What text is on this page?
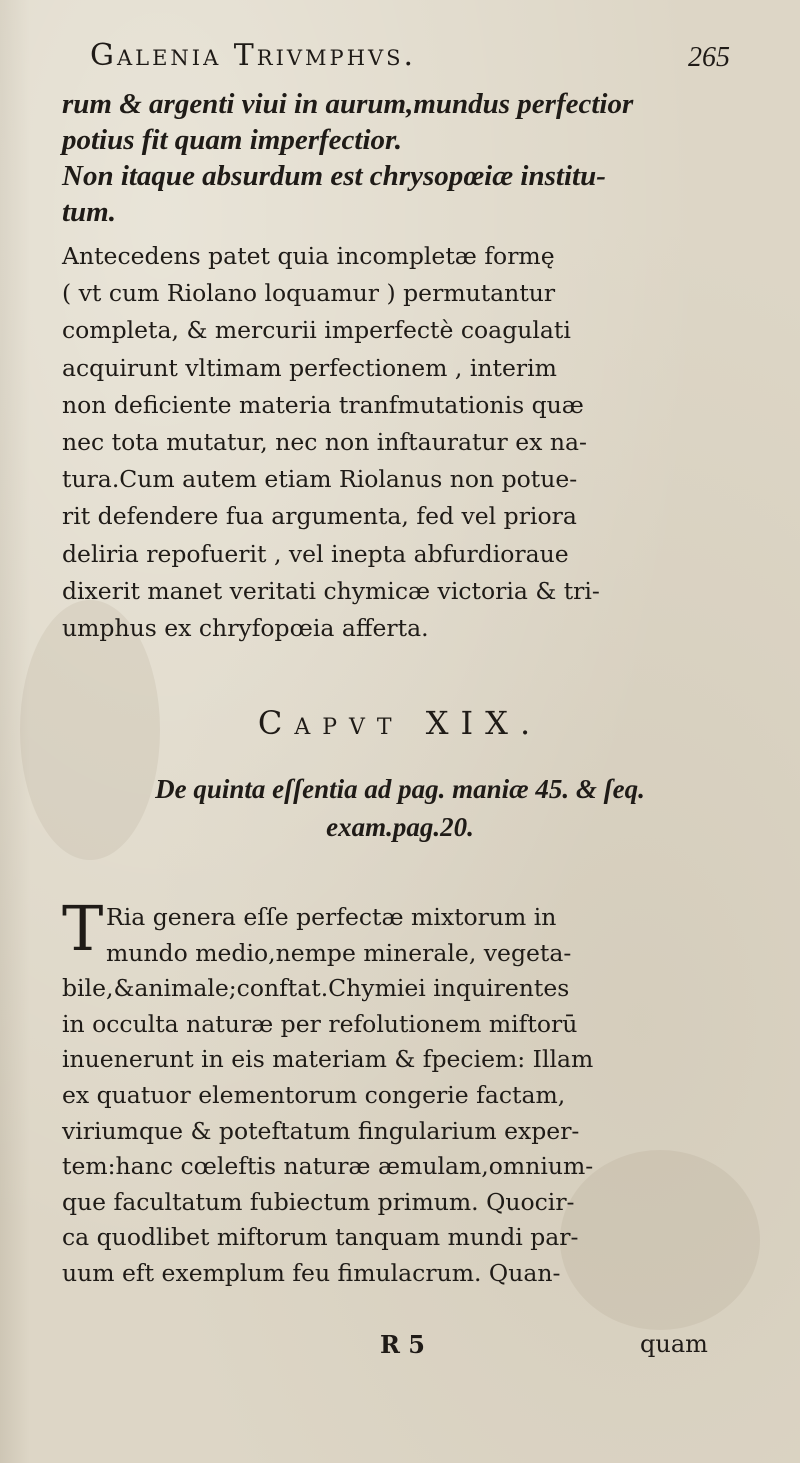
Galenia Trivmphvs.	265
rum & argenti viui in aurum,mundus perfectior
potius fit quam imperfectior.
Non itaque absurdum est chrysopœiæ institu-
tum.
Antecedens patet quia incompletæ formę
( vt cum Riolano loquamur ) permutantur
completa, & mercurii imperfectè coagulati
acquirunt vltimam perfectionem , interim
non deficiente materia tranfmutationis quæ
nec tota mutatur, nec non inftauratur ex na-
tura.Cum autem etiam Riolanus non potue-
rit defendere fua argumenta, fed vel priora
deliria repofuerit , vel inepta abfurdioraue
dixerit manet veritati chymicæ victoria & tri-
umphus ex chryfopœia afferta.
Capvt XIX.
De quinta eſſentia ad pag. maniæ 45. & ſeq.
exam.pag.20.
T Ria genera eſſe perfectæ mixtorum in
mundo medio,nempe minerale, vegeta-
bile,&animale;conftat.Chymiei inquirentes
in occulta naturæ per refolutionem miftorū
inuenerunt in eis materiam & fpeciem: Illam
ex quatuor elementorum congerie factam,
viriumque & poteftatum fingularium exper-
tem:hanc cœleftis naturæ æmulam,omnium-
que facultatum fubiectum primum. Quocir-
ca quodlibet miftorum tanquam mundi par-
uum eft exemplum feu fimulacrum. Quan-
R 5	quam
